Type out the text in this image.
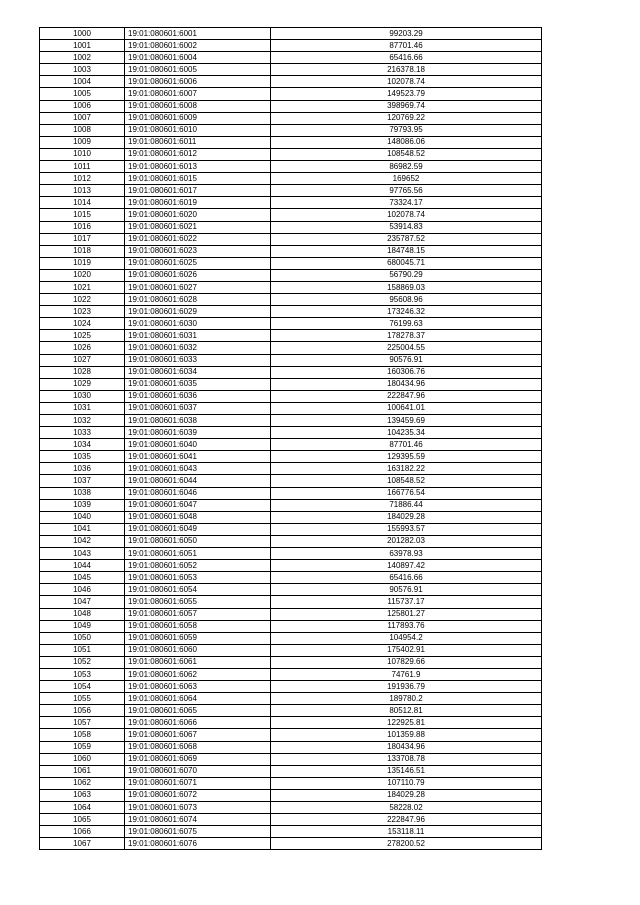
1000	19:01:080601:6001	99203.29
1001	19:01:080601:6002	87701.46
1002	19:01:080601:6004	65416.66
1003	19:01:080601:6005	216378.18
1004	19:01:080601:6006	102078.74
1005	19:01:080601:6007	149523.79
1006	19:01:080601:6008	398969.74
1007	19:01:080601:6009	120769.22
1008	19:01:080601:6010	79793.95
1009	19:01:080601:6011	148086.06
1010	19:01:080601:6012	108548.52
1011	19:01:080601:6013	86982.59
1012	19:01:080601:6015	169652
1013	19:01:080601:6017	97765.56
1014	19:01:080601:6019	73324.17
1015	19:01:080601:6020	102078.74
1016	19:01:080601:6021	53914.83
1017	19:01:080601:6022	235787.52
1018	19:01:080601:6023	184748.15
1019	19:01:080601:6025	680045.71
1020	19:01:080601:6026	56790.29
1021	19:01:080601:6027	158869.03
1022	19:01:080601:6028	95608.96
1023	19:01:080601:6029	173246.32
1024	19:01:080601:6030	76199.63
1025	19:01:080601:6031	178278.37
1026	19:01:080601:6032	225004.55
1027	19:01:080601:6033	90576.91
1028	19:01:080601:6034	160306.76
1029	19:01:080601:6035	180434.96
1030	19:01:080601:6036	222847.96
1031	19:01:080601:6037	100641.01
1032	19:01:080601:6038	139459.69
1033	19:01:080601:6039	104235.34
1034	19:01:080601:6040	87701.46
1035	19:01:080601:6041	129395.59
1036	19:01:080601:6043	163182.22
1037	19:01:080601:6044	108548.52
1038	19:01:080601:6046	166776.54
1039	19:01:080601:6047	71886.44
1040	19:01:080601:6048	184029.28
1041	19:01:080601:6049	155993.57
1042	19:01:080601:6050	201282.03
1043	19:01:080601:6051	63978.93
1044	19:01:080601:6052	140897.42
1045	19:01:080601:6053	65416.66
1046	19:01:080601:6054	90576.91
1047	19:01:080601:6055	115737.17
1048	19:01:080601:6057	125801.27
1049	19:01:080601:6058	117893.76
1050	19:01:080601:6059	104954.2
1051	19:01:080601:6060	175402.91
1052	19:01:080601:6061	107829.66
1053	19:01:080601:6062	74761.9
1054	19:01:080601:6063	191936.79
1055	19:01:080601:6064	189780.2
1056	19:01:080601:6065	80512.81
1057	19:01:080601:6066	122925.81
1058	19:01:080601:6067	101359.88
1059	19:01:080601:6068	180434.96
1060	19:01:080601:6069	133708.78
1061	19:01:080601:6070	135146.51
1062	19:01:080601:6071	107110.79
1063	19:01:080601:6072	184029.28
1064	19:01:080601:6073	58228.02
1065	19:01:080601:6074	222847.96
1066	19:01:080601:6075	153118.11
1067	19:01:080601:6076	278200.52
